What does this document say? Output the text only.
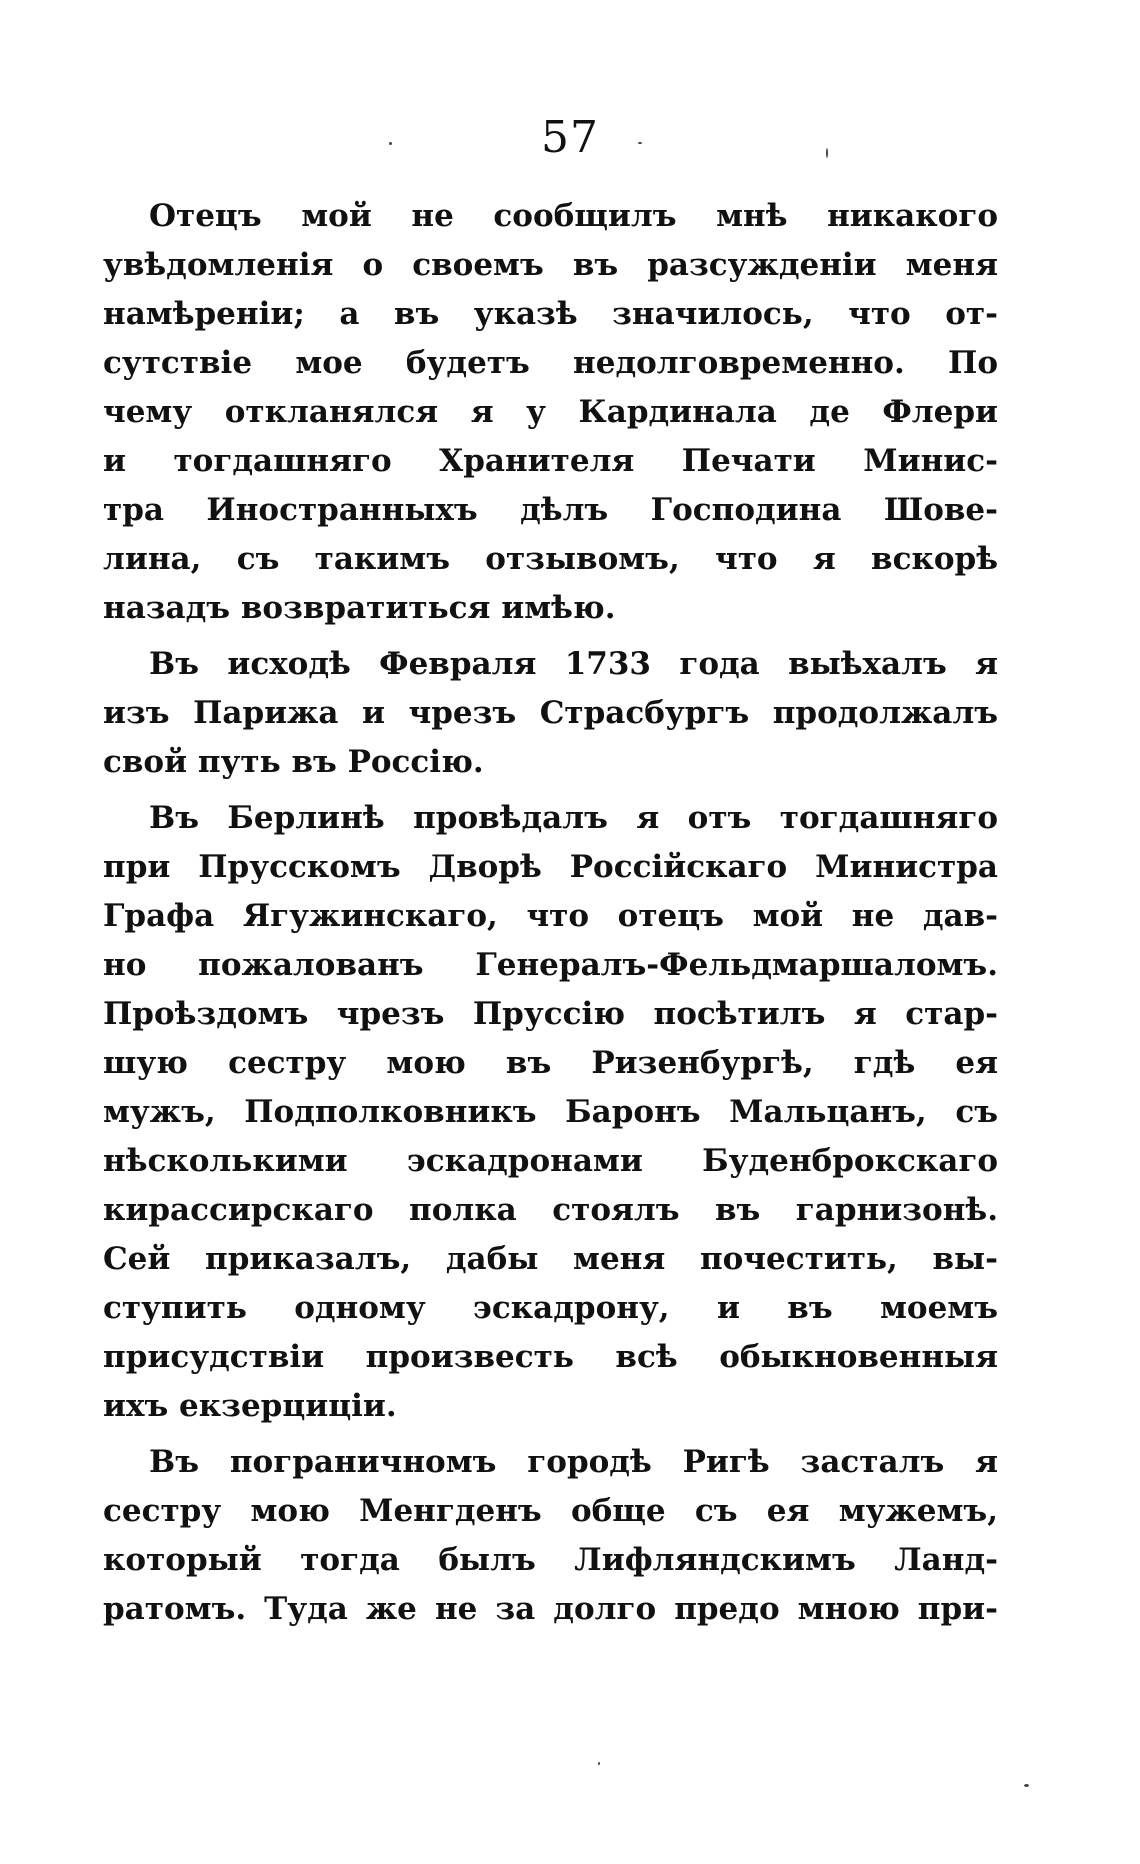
57
Отецъ мой не сообщилъ мнѣ никакого
увѣдомленія о своемъ въ разсужденіи меня
намѣреніи; а въ указѣ значилось, что от-
сутствіе мое будетъ недолговременно. По
чему откланялся я у Кардинала де Флери
и тогдашняго Хранителя Печати Минис-
тра Иностранныхъ дѣлъ Господина Шове-
лина, съ такимъ отзывомъ, что я вскорѣ
назадъ возвратиться имѣю.
Въ исходѣ Февраля 1733 года выѣхалъ я
изъ Парижа и чрезъ Страсбургъ продолжалъ
свой путь въ Россію.
Въ Берлинѣ провѣдалъ я отъ тогдашняго
при Прусскомъ Дворѣ Россійскаго Министра
Графа Ягужинскаго, что отецъ мой не дав-
но пожалованъ Генералъ-Фельдмаршаломъ.
Проѣздомъ чрезъ Пруссію посѣтилъ я стар-
шую сестру мою въ Ризенбургѣ, гдѣ ея
мужъ, Подполковникъ Баронъ Мальцанъ, съ
нѣсколькими эскадронами Буденброкскаго
кирассирскаго полка стоялъ въ гарнизонѣ.
Сей приказалъ, дабы меня почестить, вы-
ступить одному эскадрону, и въ моемъ
присудствіи произвесть всѣ обыкновенныя
ихъ екзерциціи.
Въ пограничномъ городѣ Ригѣ засталъ я
сестру мою Менгденъ обще съ ея мужемъ,
который тогда былъ Лифляндскимъ Ланд-
ратомъ. Туда же не за долго предо мною при-
